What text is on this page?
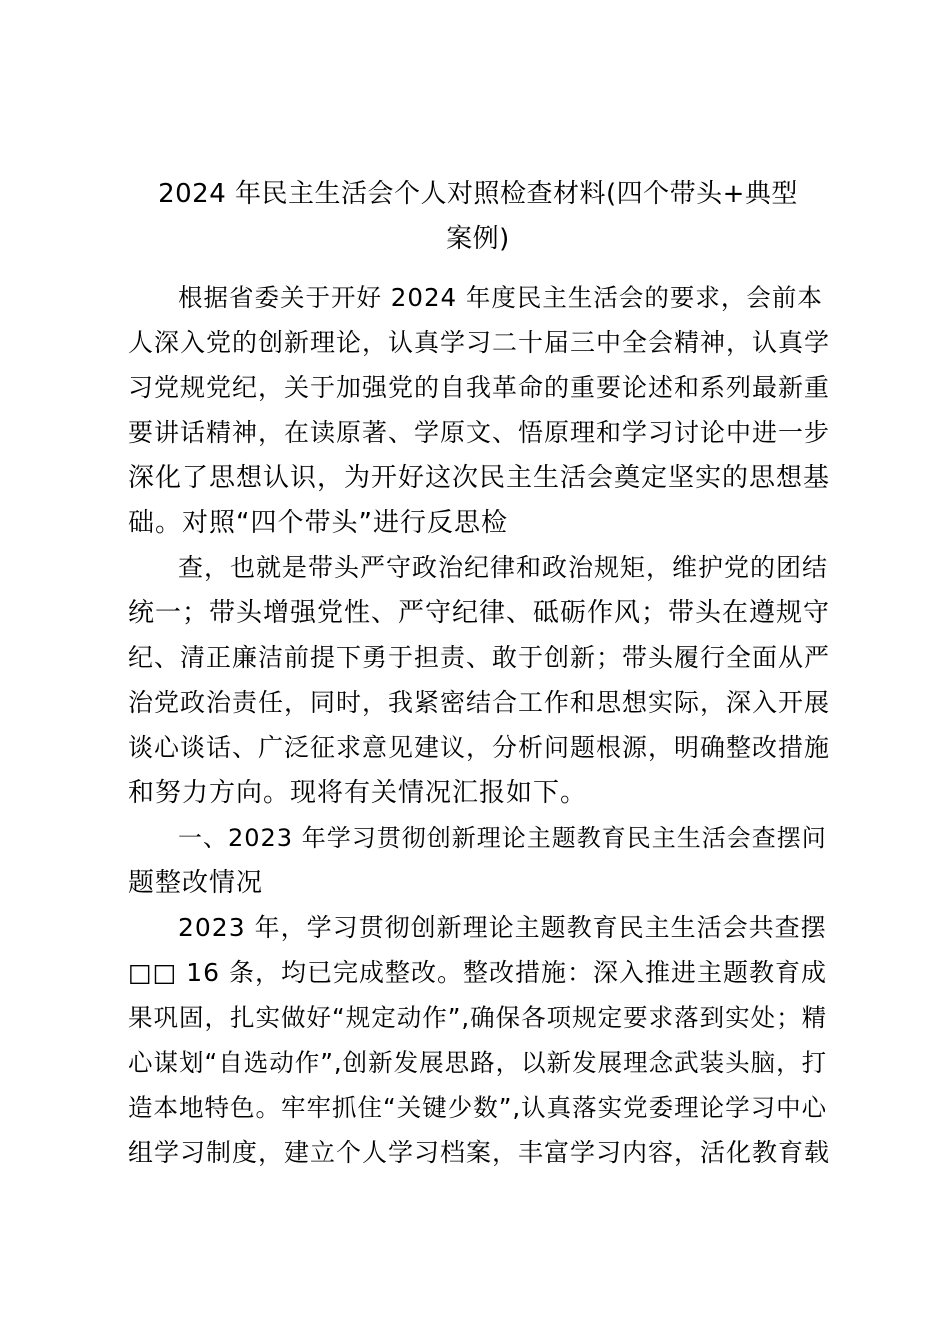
2024 年民主生活会个人对照检查材料(四个带头+典型
案例)
根据省委关于开好 2024 年度民主生活会的要求，会前本
人深入党的创新理论，认真学习二十届三中全会精神，认真学
习党规党纪，关于加强党的自我革命的重要论述和系列最新重
要讲话精神，在读原著、学原文、悟原理和学习讨论中进一步
深化了思想认识，为开好这次民主生活会奠定坚实的思想基
础。对照“四个带头”进行反思检
查，也就是带头严守政治纪律和政治规矩，维护党的团结
统一；带头增强党性、严守纪律、砥砺作风；带头在遵规守
纪、清正廉洁前提下勇于担责、敢于创新；带头履行全面从严
治党政治责任，同时，我紧密结合工作和思想实际，深入开展
谈心谈话、广泛征求意见建议，分析问题根源，明确整改措施
和努力方向。现将有关情况汇报如下。
一、2023 年学习贯彻创新理论主题教育民主生活会查摆问
题整改情况
2023 年，学习贯彻创新理论主题教育民主生活会共查摆
□□ 16 条，均已完成整改。整改措施：深入推进主题教育成
果巩固，扎实做好“规定动作”,确保各项规定要求落到实处；精
心谋划“自选动作”,创新发展思路，以新发展理念武装头脑，打
造本地特色。牢牢抓住“关键少数”,认真落实党委理论学习中心
组学习制度，建立个人学习档案，丰富学习内容，活化教育载
